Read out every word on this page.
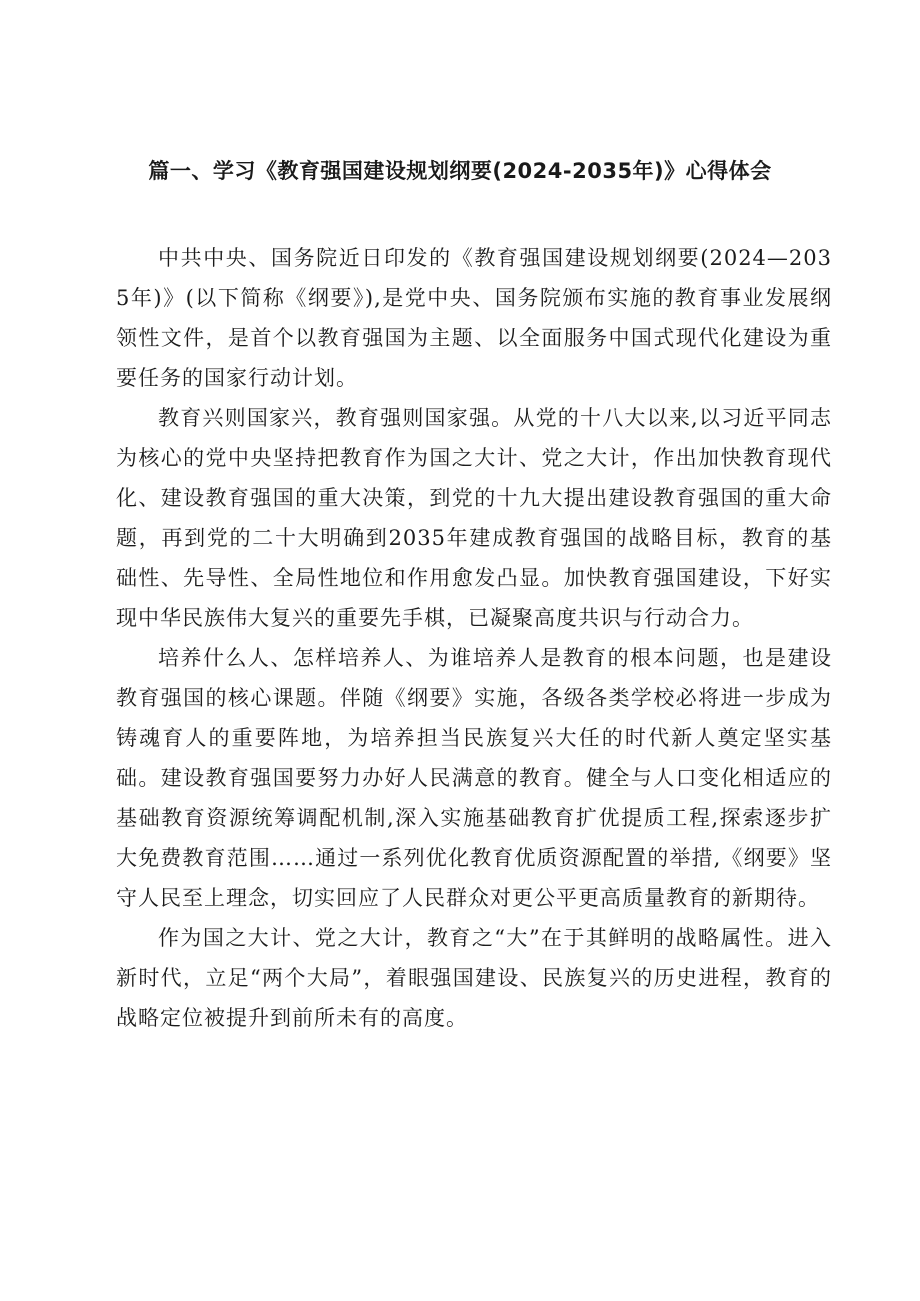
篇一、学习《教育强国建设规划纲要(2024-2035年)》心得体会

中共中央、国务院近日印发的《教育强国建设规划纲要(2024—2035年)》(以下简称《纲要》),是党中央、国务院颁布实施的教育事业发展纲领性文件，是首个以教育强国为主题、以全面服务中国式现代化建设为重要任务的国家行动计划。

教育兴则国家兴，教育强则国家强。从党的十八大以来,以习近平同志为核心的党中央坚持把教育作为国之大计、党之大计，作出加快教育现代化、建设教育强国的重大决策，到党的十九大提出建设教育强国的重大命题，再到党的二十大明确到2035年建成教育强国的战略目标，教育的基础性、先导性、全局性地位和作用愈发凸显。加快教育强国建设，下好实现中华民族伟大复兴的重要先手棋，已凝聚高度共识与行动合力。

培养什么人、怎样培养人、为谁培养人是教育的根本问题，也是建设教育强国的核心课题。伴随《纲要》实施，各级各类学校必将进一步成为铸魂育人的重要阵地，为培养担当民族复兴大任的时代新人奠定坚实基础。建设教育强国要努力办好人民满意的教育。健全与人口变化相适应的基础教育资源统筹调配机制,深入实施基础教育扩优提质工程,探索逐步扩大免费教育范围……通过一系列优化教育优质资源配置的举措,《纲要》坚守人民至上理念，切实回应了人民群众对更公平更高质量教育的新期待。

作为国之大计、党之大计，教育之“大”在于其鲜明的战略属性。进入新时代，立足“两个大局”，着眼强国建设、民族复兴的历史进程，教育的战略定位被提升到前所未有的高度。
